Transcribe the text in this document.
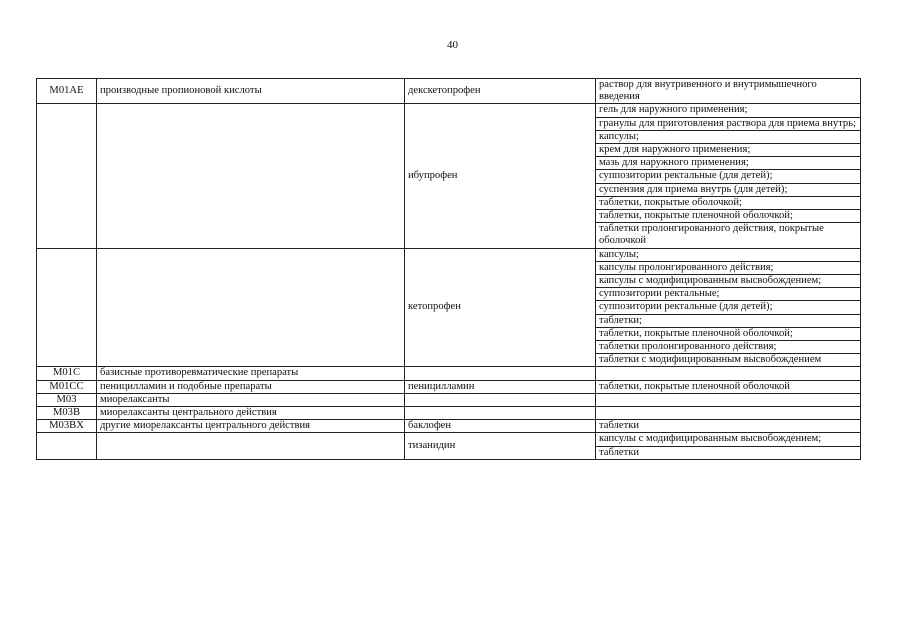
40
M01AE	производные пропионовой кислоты	декскетопрофен	раствор для внутривенного и внутримышечного введения
		ибупрофен	гель для наружного применения;
			гранулы для приготовления раствора для приема внутрь;
			капсулы;
			крем для наружного применения;
			мазь для наружного применения;
			суппозитории ректальные (для детей);
			суспензия для приема внутрь (для детей);
			таблетки, покрытые оболочкой;
			таблетки, покрытые пленочной оболочкой;
			таблетки пролонгированного действия, покрытые оболочкой
		кетопрофен	капсулы;
			капсулы пролонгированного действия;
			капсулы с модифицированным высвобождением;
			суппозитории ректальные;
			суппозитории ректальные (для детей);
			таблетки;
			таблетки, покрытые пленочной оболочкой;
			таблетки пролонгированного действия;
			таблетки с модифицированным высвобождением
M01C	базисные противоревматические препараты		
M01CC	пеницилламин и подобные препараты	пеницилламин	таблетки, покрытые пленочной оболочкой
M03	миорелаксанты		
M03B	миорелаксанты центрального действия		
M03BX	другие миорелаксанты центрального действия	баклофен	таблетки
		тизанидин	капсулы с модифицированным высвобождением;
			таблетки
